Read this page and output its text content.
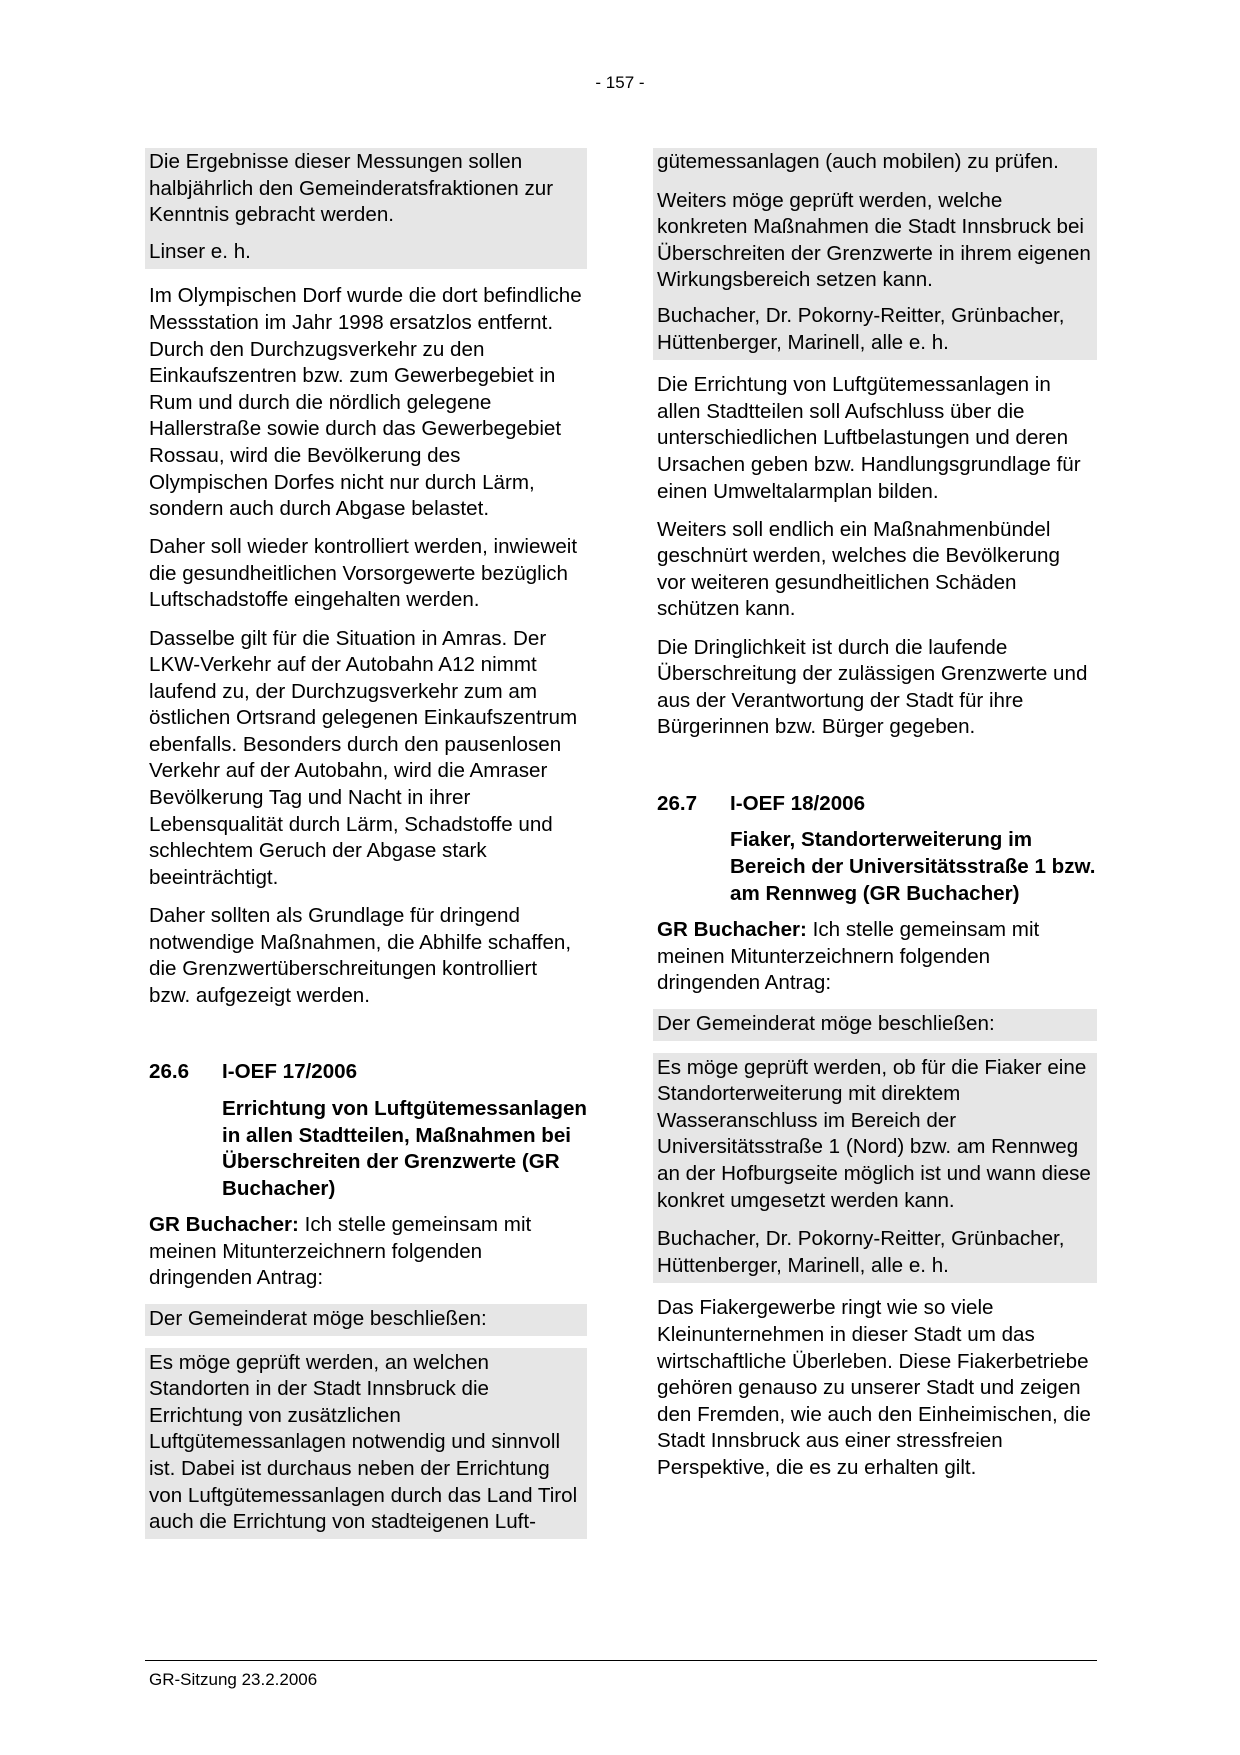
- 157 -

Die Ergebnisse dieser Messungen sollen halbjährlich den Gemeinderatsfraktionen zur Kenntnis gebracht werden.

Linser e. h.

Im Olympischen Dorf wurde die dort befindliche Messstation im Jahr 1998 ersatzlos entfernt. Durch den Durchzugsverkehr zu den Einkaufszentren bzw. zum Gewerbegebiet in Rum und durch die nördlich gelegene Hallerstraße sowie durch das Gewerbegebiet Rossau, wird die Bevölkerung des Olympischen Dorfes nicht nur durch Lärm, sondern auch durch Abgase belastet.

Daher soll wieder kontrolliert werden, inwieweit die gesundheitlichen Vorsorgewerte bezüglich Luftschadstoffe eingehalten werden.

Dasselbe gilt für die Situation in Amras. Der LKW-Verkehr auf der Autobahn A12 nimmt laufend zu, der Durchzugsverkehr zum am östlichen Ortsrand gelegenen Einkaufszentrum ebenfalls. Besonders durch den pausenlosen Verkehr auf der Autobahn, wird die Amraser Bevölkerung Tag und Nacht in ihrer Lebensqualität durch Lärm, Schadstoffe und schlechtem Geruch der Abgase stark beeinträchtigt.

Daher sollten als Grundlage für dringend notwendige Maßnahmen, die Abhilfe schaffen, die Grenzwertüberschreitungen kontrolliert bzw. aufgezeigt werden.

26.6	I-OEF 17/2006
Errichtung von Luftgütemessanlagen in allen Stadtteilen, Maßnahmen bei Überschreiten der Grenzwerte (GR Buchacher)

GR Buchacher: Ich stelle gemeinsam mit meinen Mitunterzeichnern folgenden dringenden Antrag:

Der Gemeinderat möge beschließen:

Es möge geprüft werden, an welchen Standorten in der Stadt Innsbruck die Errichtung von zusätzlichen Luftgütemessanlagen notwendig und sinnvoll ist. Dabei ist durchaus neben der Errichtung von Luftgütemessanlagen durch das Land Tirol auch die Errichtung von stadteigenen Luft-

gütemessanlagen (auch mobilen) zu prüfen.

Weiters möge geprüft werden, welche konkreten Maßnahmen die Stadt Innsbruck bei Überschreiten der Grenzwerte in ihrem eigenen Wirkungsbereich setzen kann.

Buchacher, Dr. Pokorny-Reitter, Grünbacher, Hüttenberger, Marinell, alle e. h.

Die Errichtung von Luftgütemessanlagen in allen Stadtteilen soll Aufschluss über die unterschiedlichen Luftbelastungen und deren Ursachen geben bzw. Handlungsgrundlage für einen Umweltalarmplan bilden.

Weiters soll endlich ein Maßnahmenbündel geschnürt werden, welches die Bevölkerung vor weiteren gesundheitlichen Schäden schützen kann.

Die Dringlichkeit ist durch die laufende Überschreitung der zulässigen Grenzwerte und aus der Verantwortung der Stadt für ihre Bürgerinnen bzw. Bürger gegeben.

26.7	I-OEF 18/2006
Fiaker, Standorterweiterung im Bereich der Universitätsstraße 1 bzw. am Rennweg (GR Buchacher)

GR Buchacher: Ich stelle gemeinsam mit meinen Mitunterzeichnern folgenden dringenden Antrag:

Der Gemeinderat möge beschließen:

Es möge geprüft werden, ob für die Fiaker eine Standorterweiterung mit direktem Wasseranschluss im Bereich der Universitätsstraße 1 (Nord) bzw. am Rennweg an der Hofburgseite möglich ist und wann diese konkret umgesetzt werden kann.

Buchacher, Dr. Pokorny-Reitter, Grünbacher, Hüttenberger, Marinell, alle e. h.

Das Fiakergewerbe ringt wie so viele Kleinunternehmen in dieser Stadt um das wirtschaftliche Überleben. Diese Fiakerbetriebe gehören genauso zu unserer Stadt und zeigen den Fremden, wie auch den Einheimischen, die Stadt Innsbruck aus einer stressfreien Perspektive, die es zu erhalten gilt.

GR-Sitzung 23.2.2006
